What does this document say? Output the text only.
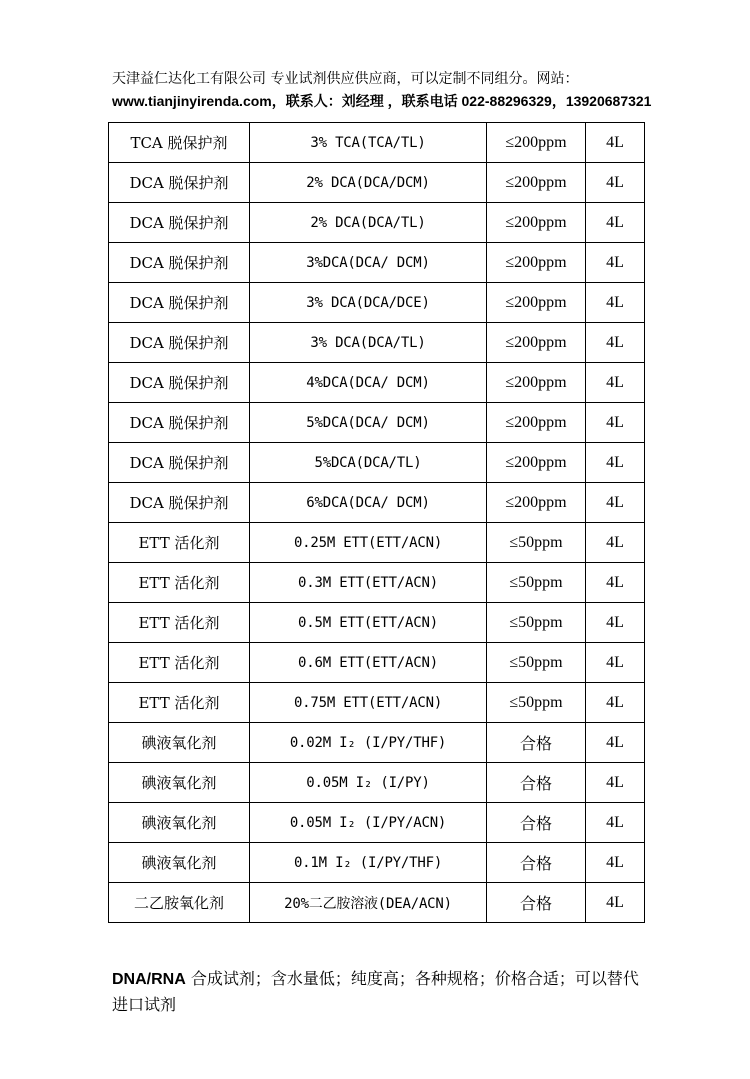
天津益仁达化工有限公司 专业试剂供应供应商，可以定制不同组分。网站：
www.tianjinyirenda.com，联系人：刘经理 ，联系电话 022-88296329，13920687321
TCA 脱保护剂	3% TCA(TCA/TL)	≤200ppm	4L
DCA 脱保护剂	2% DCA(DCA/DCM)	≤200ppm	4L
DCA 脱保护剂	2% DCA(DCA/TL)	≤200ppm	4L
DCA 脱保护剂	3%DCA(DCA/ DCM)	≤200ppm	4L
DCA 脱保护剂	3% DCA(DCA/DCE)	≤200ppm	4L
DCA 脱保护剂	3% DCA(DCA/TL)	≤200ppm	4L
DCA 脱保护剂	4%DCA(DCA/ DCM)	≤200ppm	4L
DCA 脱保护剂	5%DCA(DCA/ DCM)	≤200ppm	4L
DCA 脱保护剂	5%DCA(DCA/TL)	≤200ppm	4L
DCA 脱保护剂	6%DCA(DCA/ DCM)	≤200ppm	4L
ETT 活化剂	0.25M ETT(ETT/ACN)	≤50ppm	4L
ETT 活化剂	0.3M ETT(ETT/ACN)	≤50ppm	4L
ETT 活化剂	0.5M ETT(ETT/ACN)	≤50ppm	4L
ETT 活化剂	0.6M ETT(ETT/ACN)	≤50ppm	4L
ETT 活化剂	0.75M ETT(ETT/ACN)	≤50ppm	4L
碘液氧化剂	0.02M I₂ (I/PY/THF)	合格	4L
碘液氧化剂	0.05M I₂ (I/PY)	合格	4L
碘液氧化剂	0.05M I₂ (I/PY/ACN)	合格	4L
碘液氧化剂	0.1M I₂ (I/PY/THF)	合格	4L
二乙胺氧化剂	20%二乙胺溶液(DEA/ACN)	合格	4L
DNA/RNA 合成试剂；含水量低；纯度高；各种规格；价格合适；可以替代进口试剂
